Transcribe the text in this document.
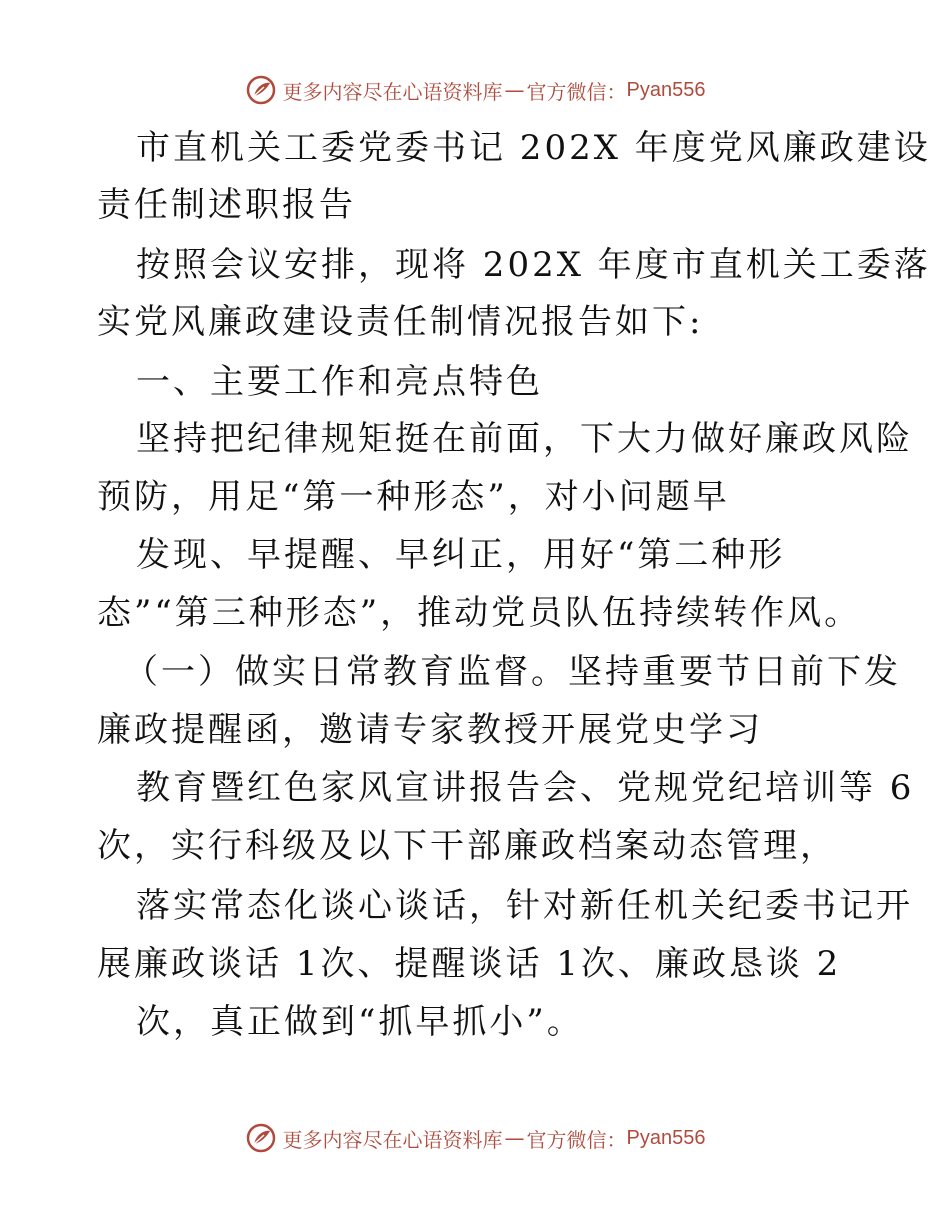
更多内容尽在心语资料库 — 官方微信： Pyan556
市直机关工委党委书记 202X 年度党风廉政建设
责任制述职报告
按照会议安排，现将 202X 年度市直机关工委落
实党风廉政建设责任制情况报告如下:
一、主要工作和亮点特色
坚持把纪律规矩挺在前面，下大力做好廉政风险
预防，用足“第一种形态”，对小问题早
发现、早提醒、早纠正，用好“第二种形
态”“第三种形态”，推动党员队伍持续转作风。
（一）做实日常教育监督。坚持重要节日前下发
廉政提醒函，邀请专家教授开展党史学习
教育暨红色家风宣讲报告会、党规党纪培训等 6
次，实行科级及以下干部廉政档案动态管理，
落实常态化谈心谈话，针对新任机关纪委书记开
展廉政谈话 1次、提醒谈话 1次、廉政恳谈 2
次，真正做到“抓早抓小”。
更多内容尽在心语资料库 — 官方微信： Pyan556
